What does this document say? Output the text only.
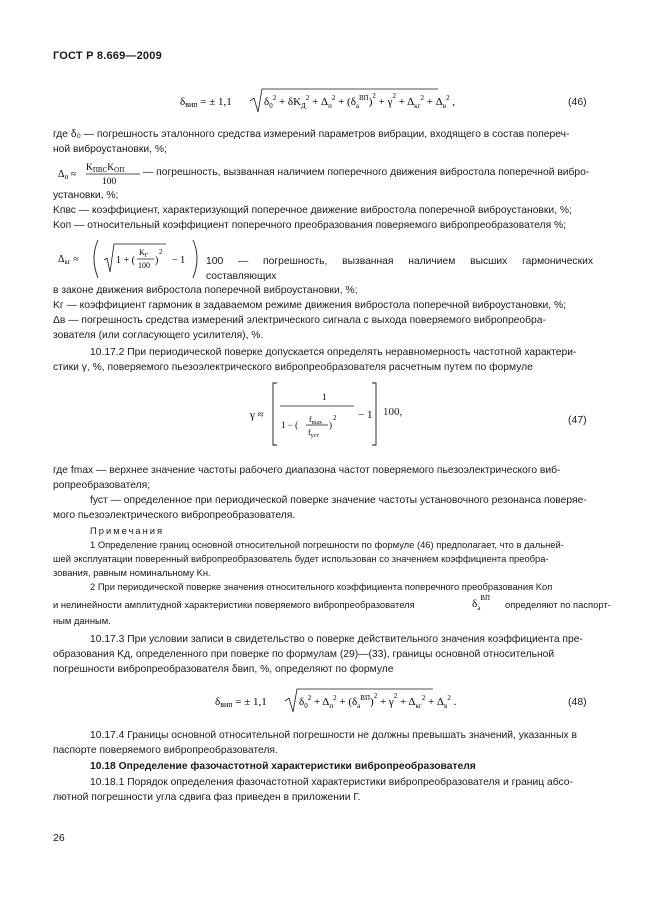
ГОСТ Р 8.669—2009
δвип = ± 1,1	$\delta_0^2 + \delta K_Д^2 + \Delta_п^2 + (\delta_а^{ВП})^2 + \gamma^2 + \Delta_{кг}^2 + \Delta_в^2$ ,	(46)
где δ₀ — погрешность эталонного средства измерений параметров вибрации, входящего в состав попереч-
ной виброустановки, %;
$\Delta_п$ ≈
$K_{ПВС}K_{ОП}$
100
— погрешность, вызванная наличием поперечного движения вибростола поперечной вибро-
установки, %;
Kпвс — коэффициент, характеризующий поперечное движение вибростола поперечной виброустановки, %;
Kоп — относительный коэффициент поперечного преобразования поверяемого вибропреобразователя %;
$\Delta_{кг}$ ≈	1 + (
$K_Г$
100 )
2
− 1 100 — погрешность, вызванная наличием высших гармонических составляющих
в законе движения вибростола поперечной виброустановки, %;
Kг — коэффициент гармоник в задаваемом режиме движения вибростола поперечной виброустановки, %;
Δв — погрешность средства измерений электрического сигнала с выхода поверяемого вибропреобра-
зователя (или согласующего усилителя), %.
10.17.2 При периодической поверке допускается определять неравномерность частотной характери-
стики γ, %, поверяемого пьезоэлектрического вибропреобразователя расчетным путем по формуле
γ ≈
1
1 − (
$f_{max}$
$f_{уст}$
)
2 − 1 100,
(47)
где fmax — верхнее значение частоты рабочего диапазона частот поверяемого пьезоэлектрического виб-
ропреобразователя;
fуст — определенное при периодической поверке значение частоты установочного резонанса поверяе-
мого пьезоэлектрического вибропреобразователя.
Примечания
1 Определение границ основной относительной погрешности по формуле (46) предполагает, что в дальней-
шей эксплуатации поверенный вибропреобразователь будет использован со значением коэффициента преобра-
зования, равным номинальному Kн.
2 При периодической поверке значения относительного коэффициента поперечного преобразования Kоп
и нелинейности амплитудной характеристики поверяемого вибропреобразователя	$\delta_а^{ВП}$
определяют по паспорт-
ным данным.
10.17.3 При условии записи в свидетельство о поверке действительного значения коэффициента пре-
образования Kд, определенного при поверке по формулам (29)—(33), границы основной относительной
погрешности вибропреобразователя δвип, %, определяют по формуле
δвип = ± 1,1	$\delta_0^2 + \Delta_п^2 + (\delta_а^{ВП})^2 + \gamma^2 + \Delta_{кг}^2 + \Delta_в^2$ .	(48)
10.17.4 Границы основной относительной погрешности не должны превышать значений, указанных в
паспорте поверяемого вибропреобразователя.
10.18 Определение фазочастотной характеристики вибропреобразователя
10.18.1 Порядок определения фазочастотной характеристики вибропреобразователя и границ абсо-
лютной погрешности угла сдвига фаз приведен в приложении Г.
26
